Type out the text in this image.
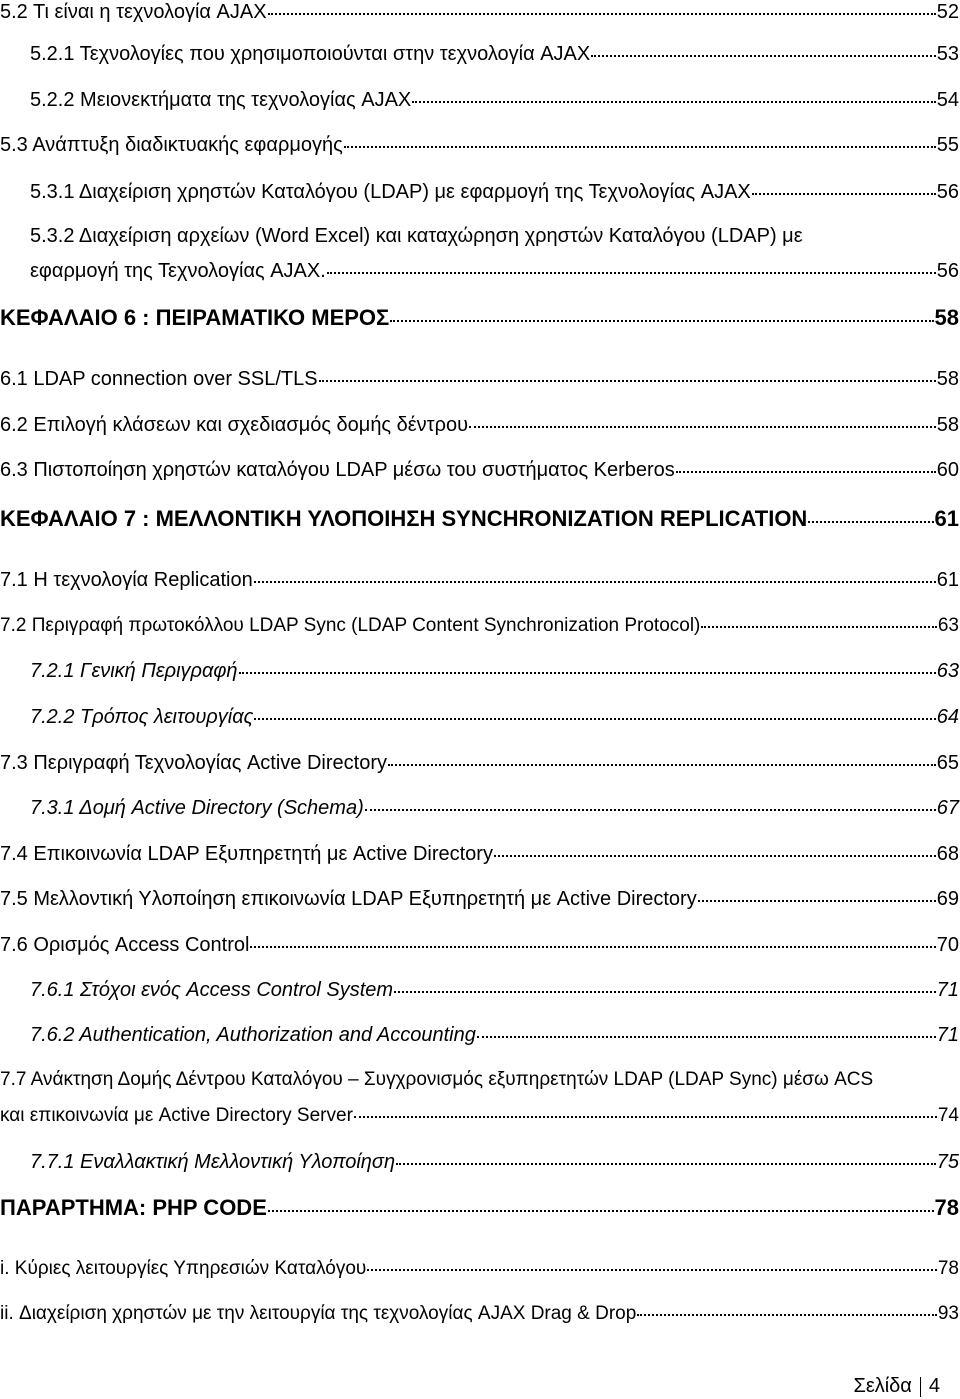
5.2 Τι είναι η τεχνολογία AJAX	52
5.2.1 Τεχνολογίες που χρησιμοποιούνται στην τεχνολογία AJAX	53
5.2.2 Μειονεκτήματα της τεχνολογίας AJAX	54
5.3 Ανάπτυξη διαδικτυακής εφαρμογής	55
5.3.1 Διαχείριση χρηστών Καταλόγου (LDAP) με εφαρμογή της Τεχνολογίας AJAX	56
5.3.2 Διαχείριση αρχείων (Word Excel) και καταχώρηση χρηστών Καταλόγου (LDAP) με
εφαρμογή της Τεχνολογίας AJAX.	56
ΚΕΦΑΛΑΙΟ 6 : ΠΕΙΡΑΜΑΤΙΚΟ ΜΕΡΟΣ	58
6.1 LDAP connection over SSL/TLS	58
6.2 Επιλογή κλάσεων και σχεδιασμός δομής δέντρου	58
6.3 Πιστοποίηση χρηστών καταλόγου LDAP μέσω του συστήματος Kerberos	60
ΚΕΦΑΛΑΙΟ 7 : ΜΕΛΛΟΝΤΙΚΗ ΥΛΟΠΟΙΗΣΗ SYNCHRONIZATION REPLICATION	61
7.1 Η τεχνολογία Replication	61
7.2 Περιγραφή πρωτοκόλλου LDAP Sync (LDAP Content Synchronization Protocol)	63
7.2.1 Γενική Περιγραφή	63
7.2.2 Τρόπος λειτουργίας	64
7.3 Περιγραφή Τεχνολογίας Active Directory	65
7.3.1 Δομή Active Directory (Schema)	67
7.4 Επικοινωνία LDAP Εξυπηρετητή με Active Directory	68
7.5 Μελλοντική Υλοποίηση επικοινωνία LDAP Εξυπηρετητή με Active Directory	69
7.6 Ορισμός Access Control	70
7.6.1 Στόχοι ενός Access Control System	71
7.6.2 Authentication, Authorization and Accounting	71
7.7 Ανάκτηση Δομής Δέντρου Καταλόγου – Συγχρονισμός εξυπηρετητών LDAP (LDAP Sync) μέσω ACS
και επικοινωνία με Active Directory Server	74
7.7.1 Εναλλακτική Μελλοντική Υλοποίηση	75
ΠΑΡΑΡΤΗΜΑ: PHP CODE	78
i. Κύριες λειτουργίες Υπηρεσιών Καταλόγου	78
ii. Διαχείριση χρηστών με την λειτουργία της τεχνολογίας AJAX Drag & Drop	93
Σελίδα 4
